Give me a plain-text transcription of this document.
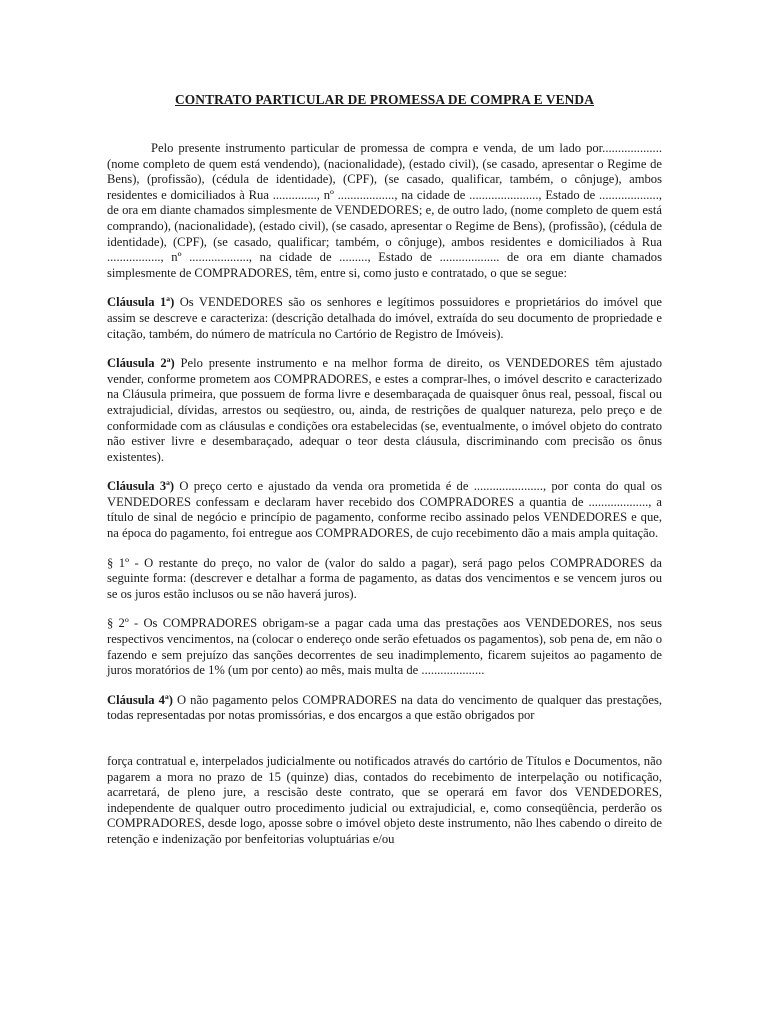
CONTRATO PARTICULAR DE PROMESSA DE COMPRA E VENDA

Pelo presente instrumento particular de promessa de compra e venda, de um lado por................... (nome completo de quem está vendendo), (nacionalidade), (estado civil), (se casado, apresentar o Regime de Bens), (profissão), (cédula de identidade), (CPF), (se casado, qualificar, também, o cônjuge), ambos residentes e domiciliados à Rua .............., nº .................., na cidade de ......................, Estado de ..................., de ora em diante chamados simplesmente de VENDEDORES; e, de outro lado, (nome completo de quem está comprando), (nacionalidade), (estado civil), (se casado, apresentar o Regime de Bens), (profissão), (cédula de identidade), (CPF), (se casado, qualificar; também, o cônjuge), ambos residentes e domiciliados à Rua ................., nº ..................., na cidade de ........., Estado de ................... de ora em diante chamados simplesmente de COMPRADORES, têm, entre si, como justo e contratado, o que se segue:

Cláusula 1ª) Os VENDEDORES são os senhores e legítimos possuidores e proprietários do imóvel que assim se descreve e caracteriza: (descrição detalhada do imóvel, extraída do seu documento de propriedade e citação, também, do número de matrícula no Cartório de Registro de Imóveis).

Cláusula 2ª) Pelo presente instrumento e na melhor forma de direito, os VENDEDORES têm ajustado vender, conforme prometem aos COMPRADORES, e estes a comprar-lhes, o imóvel descrito e caracterizado na Cláusula primeira, que possuem de forma livre e desembaraçada de quaisquer ônus real, pessoal, fiscal ou extrajudicial, dívidas, arrestos ou seqüestro, ou, ainda, de restrições de qualquer natureza, pelo preço e de conformidade com as cláusulas e condições ora estabelecidas (se, eventualmente, o imóvel objeto do contrato não estiver livre e desembaraçado, adequar o teor desta cláusula, discriminando com precisão os ônus existentes).

Cláusula 3ª) O preço certo e ajustado da venda ora prometida é de ......................, por conta do qual os VENDEDORES confessam e declaram haver recebido dos COMPRADORES a quantia de ..................., a título de sinal de negócio e princípio de pagamento, conforme recibo assinado pelos VENDEDORES e que, na época do pagamento, foi entregue aos COMPRADORES, de cujo recebimento dão a mais ampla quitação.

§ 1º - O restante do preço, no valor de (valor do saldo a pagar), será pago pelos COMPRADORES da seguinte forma: (descrever e detalhar a forma de pagamento, as datas dos vencimentos e se vencem juros ou se os juros estão inclusos ou se não haverá juros).

§ 2º - Os COMPRADORES obrigam-se a pagar cada uma das prestações aos VENDEDORES, nos seus respectivos vencimentos, na (colocar o endereço onde serão efetuados os pagamentos), sob pena de, em não o fazendo e sem prejuízo das sanções decorrentes de seu inadimplemento, ficarem sujeitos ao pagamento de juros moratórios de 1% (um por cento) ao mês, mais multa de ....................

Cláusula 4ª) O não pagamento pelos COMPRADORES na data do vencimento de qualquer das prestações, todas representadas por notas promissórias, e dos encargos a que estão obrigados por

força contratual e, interpelados judicialmente ou notificados através do cartório de Títulos e Documentos, não pagarem a mora no prazo de 15 (quinze) dias, contados do recebimento de interpelação ou notificação, acarretará, de pleno jure, a rescisão deste contrato, que se operará em favor dos VENDEDORES, independente de qualquer outro procedimento judicial ou extrajudicial, e, como conseqüência, perderão os COMPRADORES, desde logo, aposse sobre o imóvel objeto deste instrumento, não lhes cabendo o direito de retenção e indenização por benfeitorias voluptuárias e/ou
